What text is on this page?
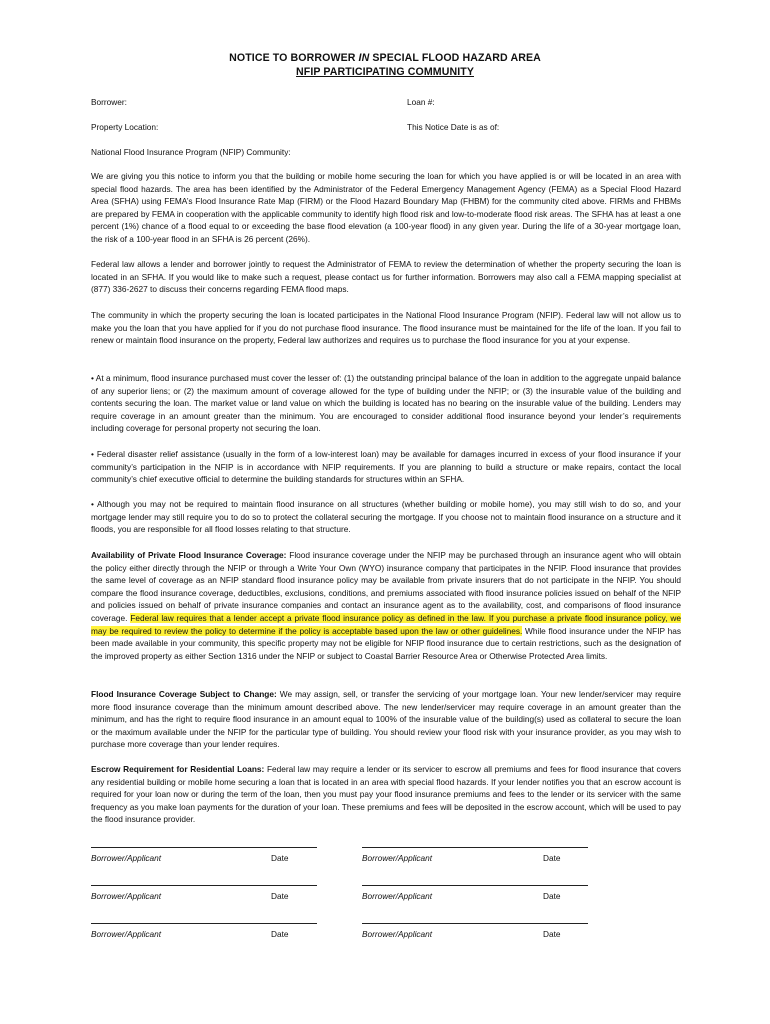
NOTICE TO BORROWER IN SPECIAL FLOOD HAZARD AREA
NFIP PARTICIPATING COMMUNITY
Borrower:	Loan #:
Property Location:	This Notice Date is as of:
National Flood Insurance Program (NFIP) Community:
We are giving you this notice to inform you that the building or mobile home securing the loan for which you have applied is or will be located in an area with special flood hazards. The area has been identified by the Administrator of the Federal Emergency Management Agency (FEMA) as a Special Flood Hazard Area (SFHA) using FEMA’s Flood Insurance Rate Map (FIRM) or the Flood Hazard Boundary Map (FHBM) for the community cited above. FIRMs and FHBMs are prepared by FEMA in cooperation with the applicable community to identify high flood risk and low-to-moderate flood risk areas. The SFHA has at least a one percent (1%) chance of a flood equal to or exceeding the base flood elevation (a 100-year flood) in any given year. During the life of a 30-year mortgage loan, the risk of a 100-year flood in an SFHA is 26 percent (26%).
Federal law allows a lender and borrower jointly to request the Administrator of FEMA to review the determination of whether the property securing the loan is located in an SFHA. If you would like to make such a request, please contact us for further information. Borrowers may also call a FEMA mapping specialist at (877) 336-2627 to discuss their concerns regarding FEMA flood maps.
The community in which the property securing the loan is located participates in the National Flood Insurance Program (NFIP). Federal law will not allow us to make you the loan that you have applied for if you do not purchase flood insurance. The flood insurance must be maintained for the life of the loan. If you fail to renew or maintain flood insurance on the property, Federal law authorizes and requires us to purchase the flood insurance for you at your expense.
• At a minimum, flood insurance purchased must cover the lesser of: (1) the outstanding principal balance of the loan in addition to the aggregate unpaid balance of any superior liens; or (2) the maximum amount of coverage allowed for the type of building under the NFIP; or (3) the insurable value of the building and contents securing the loan. The market value or land value on which the building is located has no bearing on the insurable value of the building. Lenders may require coverage in an amount greater than the minimum. You are encouraged to consider additional flood insurance beyond your lender’s requirements including coverage for personal property not securing the loan.
• Federal disaster relief assistance (usually in the form of a low-interest loan) may be available for damages incurred in excess of your flood insurance if your community’s participation in the NFIP is in accordance with NFIP requirements. If you are planning to build a structure or make repairs, contact the local community’s chief executive official to determine the building standards for structures within an SFHA.
• Although you may not be required to maintain flood insurance on all structures (whether building or mobile home), you may still wish to do so, and your mortgage lender may still require you to do so to protect the collateral securing the mortgage. If you choose not to maintain flood insurance on a structure and it floods, you are responsible for all flood losses relating to that structure.
Availability of Private Flood Insurance Coverage: Flood insurance coverage under the NFIP may be purchased through an insurance agent who will obtain the policy either directly through the NFIP or through a Write Your Own (WYO) insurance company that participates in the NFIP. Flood insurance that provides the same level of coverage as an NFIP standard flood insurance policy may be available from private insurers that do not participate in the NFIP. You should compare the flood insurance coverage, deductibles, exclusions, conditions, and premiums associated with flood insurance policies issued on behalf of the NFIP and policies issued on behalf of private insurance companies and contact an insurance agent as to the availability, cost, and comparisons of flood insurance coverage. Federal law requires that a lender accept a private flood insurance policy as defined in the law. If you purchase a private flood insurance policy, we may be required to review the policy to determine if the policy is acceptable based upon the law or other guidelines. While flood insurance under the NFIP has been made available in your community, this specific property may not be eligible for NFIP flood insurance due to certain restrictions, such as the designation of the improved property as either Section 1316 under the NFIP or subject to Coastal Barrier Resource Area or Otherwise Protected Area limits.
Flood Insurance Coverage Subject to Change: We may assign, sell, or transfer the servicing of your mortgage loan. Your new lender/servicer may require more flood insurance coverage than the minimum amount described above. The new lender/servicer may require coverage in an amount greater than the minimum, and has the right to require flood insurance in an amount equal to 100% of the insurable value of the building(s) used as collateral to secure the loan or the maximum available under the NFIP for the particular type of building. You should review your flood risk with your insurance provider, as you may wish to purchase more coverage than your lender requires.
Escrow Requirement for Residential Loans: Federal law may require a lender or its servicer to escrow all premiums and fees for flood insurance that covers any residential building or mobile home securing a loan that is located in an area with special flood hazards. If your lender notifies you that an escrow account is required for your loan now or during the term of the loan, then you must pay your flood insurance premiums and fees to the lender or its servicer with the same frequency as you make loan payments for the duration of your loan. These premiums and fees will be deposited in the escrow account, which will be used to pay the flood insurance provider.
Borrower/Applicant	Date	Borrower/Applicant	Date
Borrower/Applicant	Date	Borrower/Applicant	Date
Borrower/Applicant	Date	Borrower/Applicant	Date
